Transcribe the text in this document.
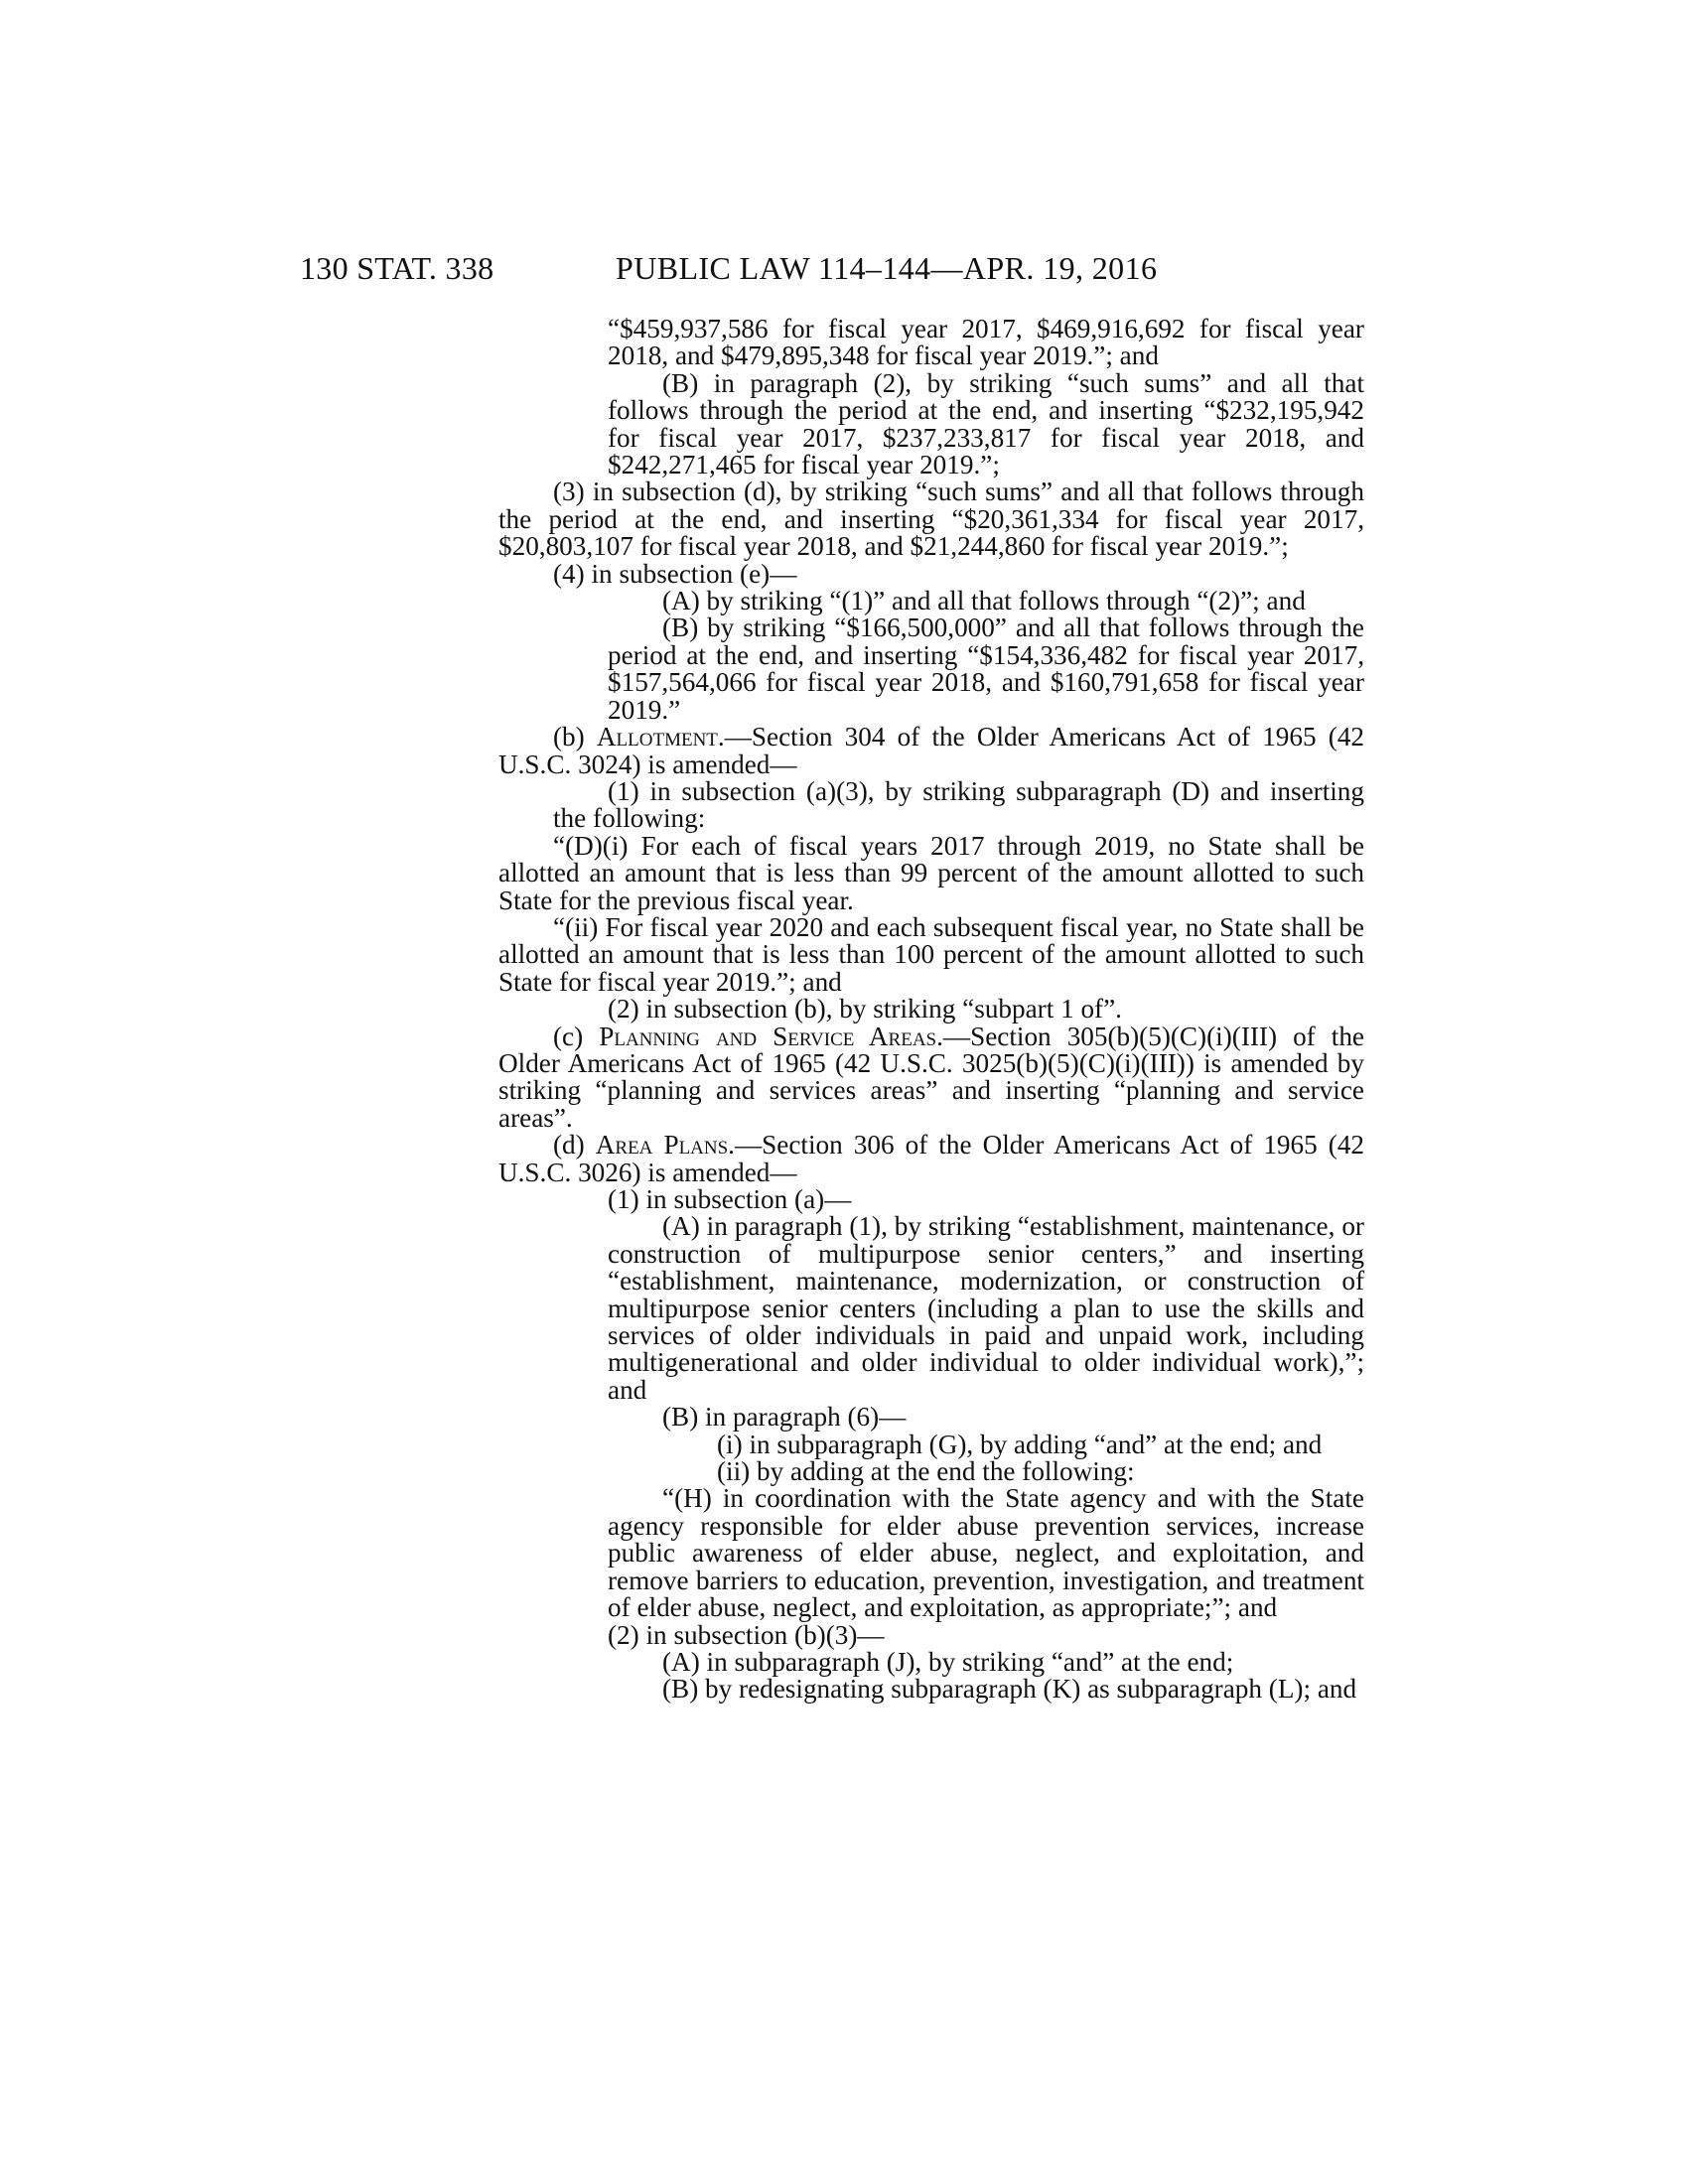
130 STAT. 338	PUBLIC LAW 114–144—APR. 19, 2016

“$459,937,586 for fiscal year 2017, $469,916,692 for fiscal year 2018, and $479,895,348 for fiscal year 2019.”; and

(B) in paragraph (2), by striking “such sums” and all that follows through the period at the end, and inserting “$232,195,942 for fiscal year 2017, $237,233,817 for fiscal year 2018, and $242,271,465 for fiscal year 2019.”;

(3) in subsection (d), by striking “such sums” and all that follows through the period at the end, and inserting “$20,361,334 for fiscal year 2017, $20,803,107 for fiscal year 2018, and $21,244,860 for fiscal year 2019.”;

(4) in subsection (e)—

(A) by striking “(1)” and all that follows through “(2)”; and

(B) by striking “$166,500,000” and all that follows through the period at the end, and inserting “$154,336,482 for fiscal year 2017, $157,564,066 for fiscal year 2018, and $160,791,658 for fiscal year 2019.”

(b) Allotment.—Section 304 of the Older Americans Act of 1965 (42 U.S.C. 3024) is amended—

(1) in subsection (a)(3), by striking subparagraph (D) and inserting the following:

“(D)(i) For each of fiscal years 2017 through 2019, no State shall be allotted an amount that is less than 99 percent of the amount allotted to such State for the previous fiscal year.

“(ii) For fiscal year 2020 and each subsequent fiscal year, no State shall be allotted an amount that is less than 100 percent of the amount allotted to such State for fiscal year 2019.”; and

(2) in subsection (b), by striking “subpart 1 of”.

(c) Planning and Service Areas.—Section 305(b)(5)(C)(i)(III) of the Older Americans Act of 1965 (42 U.S.C. 3025(b)(5)(C)(i)(III)) is amended by striking “planning and services areas” and inserting “planning and service areas”.

(d) Area Plans.—Section 306 of the Older Americans Act of 1965 (42 U.S.C. 3026) is amended—

(1) in subsection (a)—

(A) in paragraph (1), by striking “establishment, maintenance, or construction of multipurpose senior centers,” and inserting “establishment, maintenance, modernization, or construction of multipurpose senior centers (including a plan to use the skills and services of older individuals in paid and unpaid work, including multigenerational and older individual to older individual work),”; and

(B) in paragraph (6)—

(i) in subparagraph (G), by adding “and” at the end; and

(ii) by adding at the end the following:

“(H) in coordination with the State agency and with the State agency responsible for elder abuse prevention services, increase public awareness of elder abuse, neglect, and exploitation, and remove barriers to education, prevention, investigation, and treatment of elder abuse, neglect, and exploitation, as appropriate;”; and

(2) in subsection (b)(3)—

(A) in subparagraph (J), by striking “and” at the end;

(B) by redesignating subparagraph (K) as subparagraph (L); and
